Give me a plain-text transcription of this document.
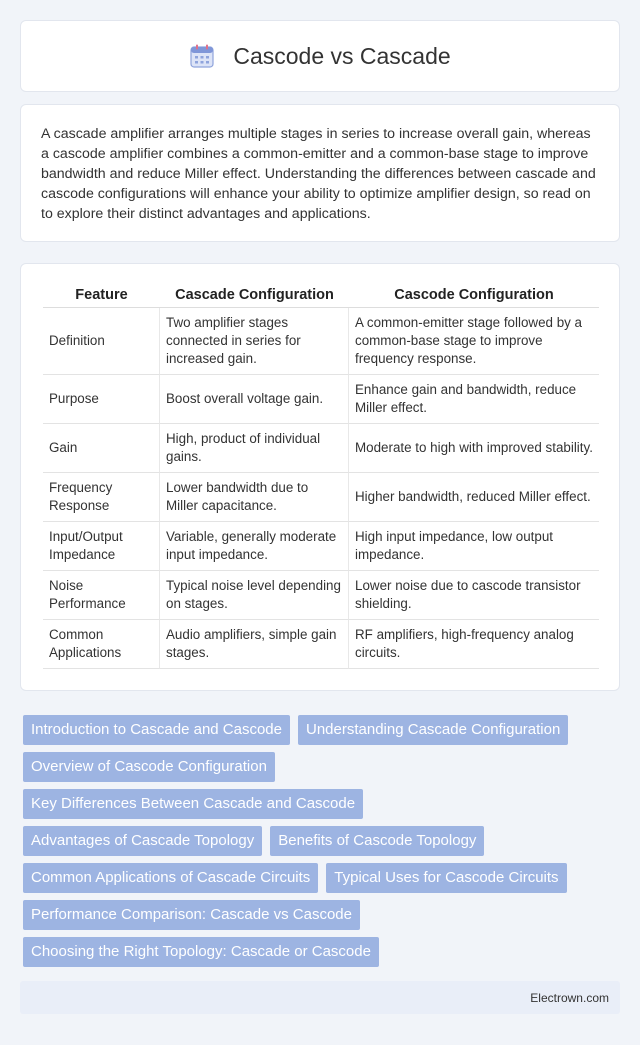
Cascode vs Cascade

A cascade amplifier arranges multiple stages in series to increase overall gain, whereas a cascode amplifier combines a common-emitter and a common-base stage to improve bandwidth and reduce Miller effect. Understanding the differences between cascade and cascode configurations will enhance your ability to optimize amplifier design, so read on to explore their distinct advantages and applications.

Feature	Cascade Configuration	Cascode Configuration
Definition	Two amplifier stages connected in series for increased gain.	A common-emitter stage followed by a common-base stage to improve frequency response.
Purpose	Boost overall voltage gain.	Enhance gain and bandwidth, reduce Miller effect.
Gain	High, product of individual gains.	Moderate to high with improved stability.
Frequency Response	Lower bandwidth due to Miller capacitance.	Higher bandwidth, reduced Miller effect.
Input/Output Impedance	Variable, generally moderate input impedance.	High input impedance, low output impedance.
Noise Performance	Typical noise level depending on stages.	Lower noise due to cascode transistor shielding.
Common Applications	Audio amplifiers, simple gain stages.	RF amplifiers, high-frequency analog circuits.
Introduction to Cascade and Cascode	Understanding Cascade Configuration
Overview of Cascode Configuration
Key Differences Between Cascade and Cascode
Advantages of Cascade Topology	Benefits of Cascode Topology
Common Applications of Cascade Circuits	Typical Uses for Cascode Circuits
Performance Comparison: Cascade vs Cascode
Choosing the Right Topology: Cascade or Cascode
Electrown.com
